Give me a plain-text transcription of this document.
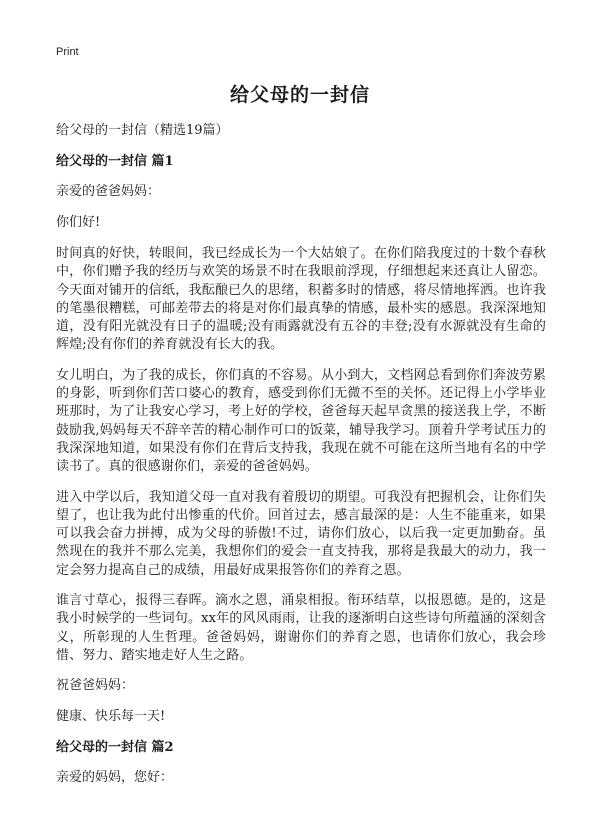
Print
给父母的一封信

给父母的一封信（精选19篇）

给父母的一封信 篇1

亲爱的爸爸妈妈：

你们好!

时间真的好快，转眼间，我已经成长为一个大姑娘了。在你们陪我度过的十数个春秋中，你们赠予我的经历与欢笑的场景不时在我眼前浮现，仔细想起来还真让人留恋。今天面对铺开的信纸，我酝酿已久的思绪，积蓄多时的情感，将尽情地挥洒。也许我的笔墨很糟糕，可邮差带去的将是对你们最真挚的情感，最朴实的感恩。我深深地知道，没有阳光就没有日子的温暖;没有雨露就没有五谷的丰登;没有水源就没有生命的辉煌;没有你们的养育就没有长大的我。

女儿明白，为了我的成长，你们真的不容易。从小到大，文档网总看到你们奔波劳累的身影，听到你们苦口婆心的教育，感受到你们无微不至的关怀。还记得上小学毕业班那时，为了让我安心学习，考上好的学校，爸爸每天起早贪黑的接送我上学，不断鼓励我,妈妈每天不辞辛苦的精心制作可口的饭菜，辅导我学习。顶着升学考试压力的我深深地知道，如果没有你们在背后支持我，我现在就不可能在这所当地有名的中学读书了。真的很感谢你们，亲爱的爸爸妈妈。

进入中学以后，我知道父母一直对我有着殷切的期望。可我没有把握机会，让你们失望了，也让我为此付出惨重的代价。回首过去，感言最深的是：人生不能重来，如果可以我会奋力拼搏，成为父母的骄傲!不过，请你们放心，以后我一定更加勤奋。虽然现在的我并不那么完美，我想你们的爱会一直支持我，那将是我最大的动力，我一定会努力提高自己的成绩，用最好成果报答你们的养育之恩。

谁言寸草心，报得三春晖。滴水之恩，涌泉相报。衔环结草，以报恩德。是的，这是我小时候学的一些词句。xx年的风风雨雨，让我的逐渐明白这些诗句所蕴涵的深刻含义，所彰现的人生哲理。爸爸妈妈，谢谢你们的养育之恩，也请你们放心，我会珍惜、努力、踏实地走好人生之路。

祝爸爸妈妈：

健康、快乐每一天!

给父母的一封信 篇2

亲爱的妈妈，您好：
